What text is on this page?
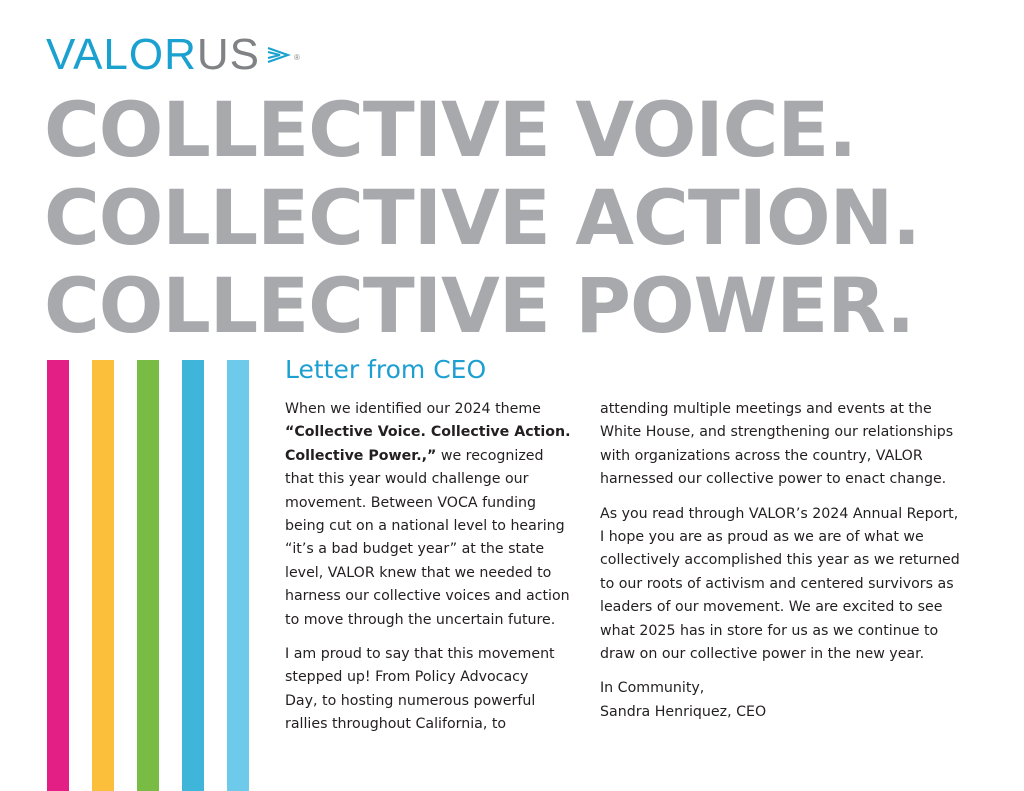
VALOR US	®
COLLECTIVE VOICE.
COLLECTIVE ACTION.
COLLECTIVE POWER.
Letter from CEO

When we identified our 2024 theme
“Collective Voice. Collective Action.
Collective Power.,” we recognized
that this year would challenge our
movement. Between VOCA funding
being cut on a national level to hearing
“it’s a bad budget year” at the state
level, VALOR knew that we needed to
harness our collective voices and action
to move through the uncertain future.

I am proud to say that this movement
stepped up! From Policy Advocacy
Day, to hosting numerous powerful
rallies throughout California, to

attending multiple meetings and events at the
White House, and strengthening our relationships
with organizations across the country, VALOR
harnessed our collective power to enact change.

As you read through VALOR’s 2024 Annual Report,
I hope you are as proud as we are of what we
collectively accomplished this year as we returned
to our roots of activism and centered survivors as
leaders of our movement. We are excited to see
what 2025 has in store for us as we continue to
draw on our collective power in the new year.

In Community,
Sandra Henriquez, CEO
